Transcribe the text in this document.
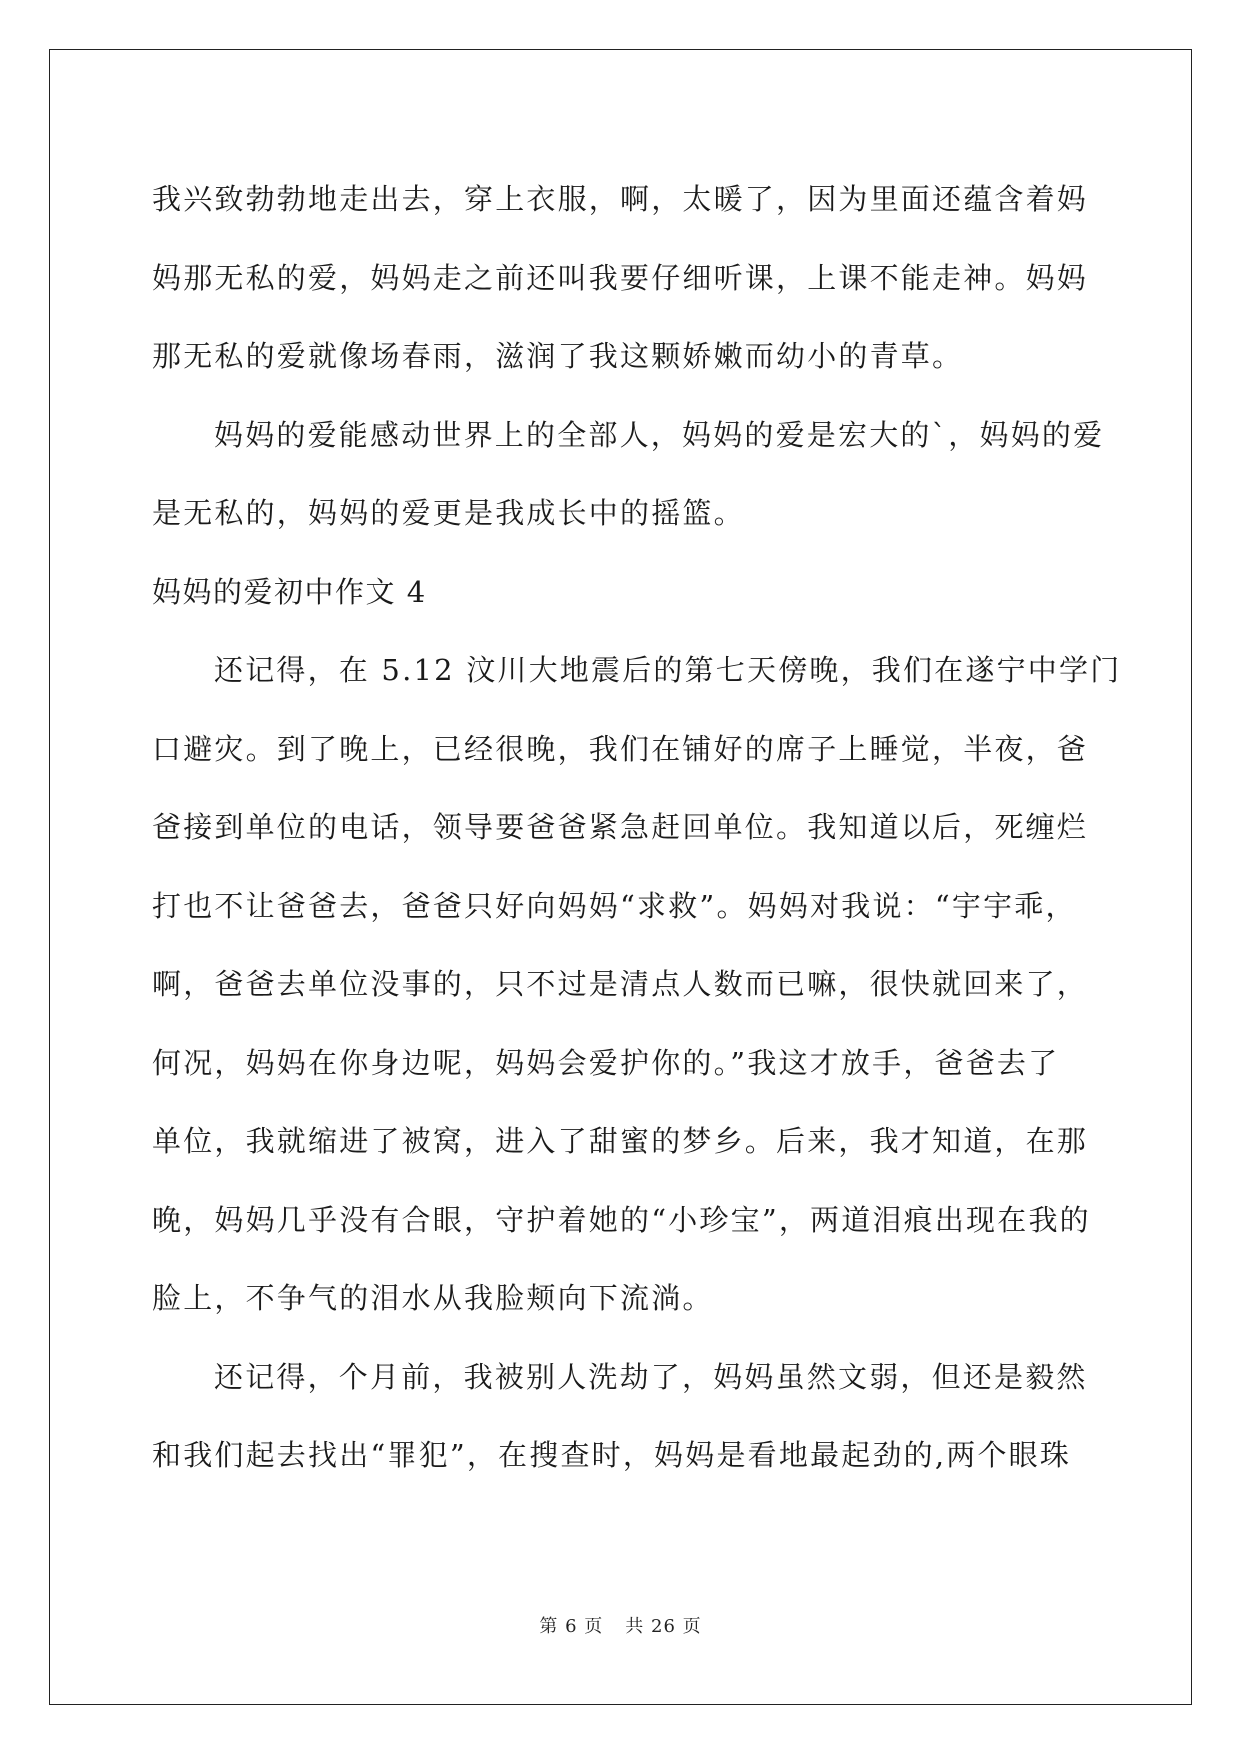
我兴致勃勃地走出去，穿上衣服，啊，太暖了，因为里面还蕴含着妈
妈那无私的爱，妈妈走之前还叫我要仔细听课，上课不能走神。妈妈
那无私的爱就像场春雨，滋润了我这颗娇嫩而幼小的青草。
妈妈的爱能感动世界上的全部人，妈妈的爱是宏大的`，妈妈的爱
是无私的，妈妈的爱更是我成长中的摇篮。
妈妈的爱初中作文 4
还记得，在 5.12 汶川大地震后的第七天傍晚，我们在遂宁中学门
口避灾。到了晚上，已经很晚，我们在铺好的席子上睡觉，半夜，爸
爸接到单位的电话，领导要爸爸紧急赶回单位。我知道以后，死缠烂
打也不让爸爸去，爸爸只好向妈妈“求救”。妈妈对我说：“宇宇乖，
啊，爸爸去单位没事的，只不过是清点人数而已嘛，很快就回来了，
何况，妈妈在你身边呢，妈妈会爱护你的。”我这才放手，爸爸去了
单位，我就缩进了被窝，进入了甜蜜的梦乡。后来，我才知道，在那
晚，妈妈几乎没有合眼，守护着她的“小珍宝”，两道泪痕出现在我的
脸上，不争气的泪水从我脸颊向下流淌。
还记得，个月前，我被别人洗劫了，妈妈虽然文弱，但还是毅然
和我们起去找出“罪犯”，在搜查时，妈妈是看地最起劲的,两个眼珠
第 6 页 共 26 页
